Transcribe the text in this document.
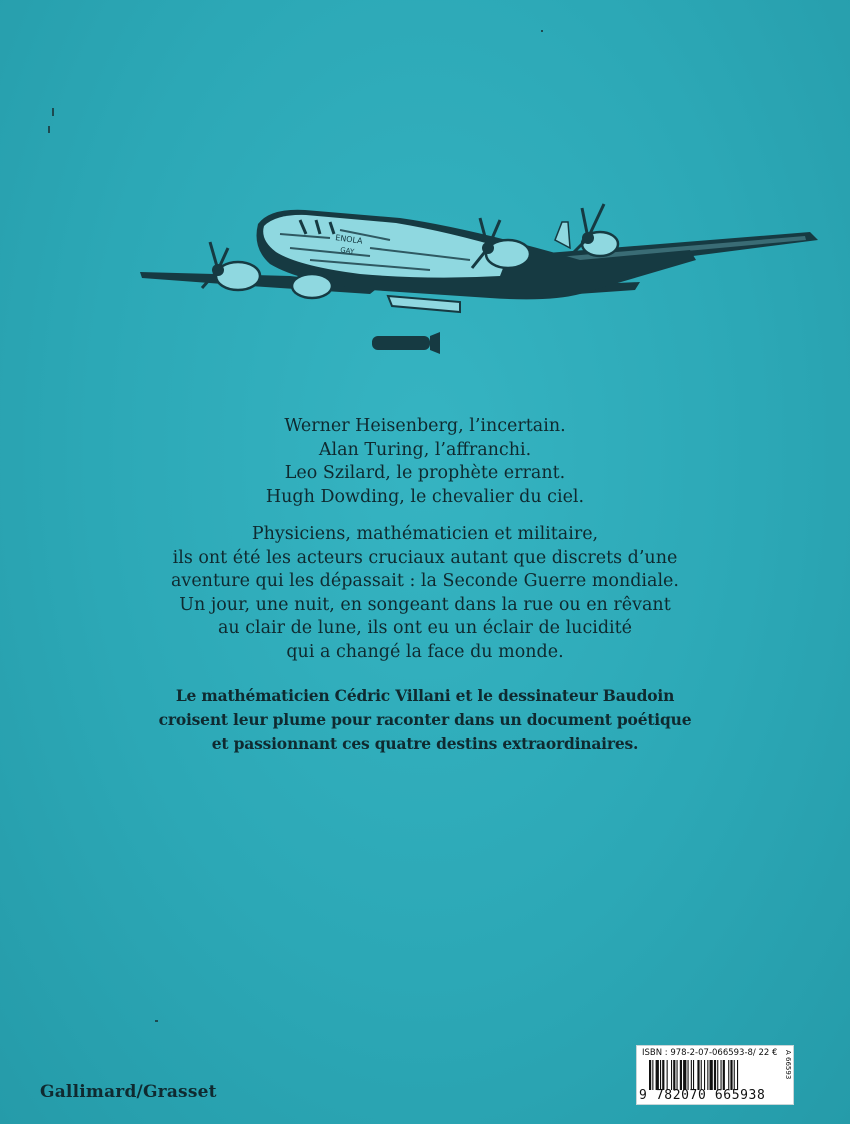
ENOLA
GAY
Werner Heisenberg, l’incertain.
Alan Turing, l’affranchi.
Leo Szilard, le prophète errant.
Hugh Dowding, le chevalier du ciel.
Physiciens, mathématicien et militaire,
ils ont été les acteurs cruciaux autant que discrets d’une
aventure qui les dépassait : la Seconde Guerre mondiale.
Un jour, une nuit, en songeant dans la rue ou en rêvant
au clair de lune, ils ont eu un éclair de lucidité
qui a changé la face du monde.
Le mathématicien Cédric Villani et le dessinateur Baudoin
croisent leur plume pour raconter dans un document poétique
et passionnant ces quatre destins extraordinaires.
Gallimard/Grasset
ISBN : 978-2-07-066593-8/ 22 €
9 782070 665938
A 66593
